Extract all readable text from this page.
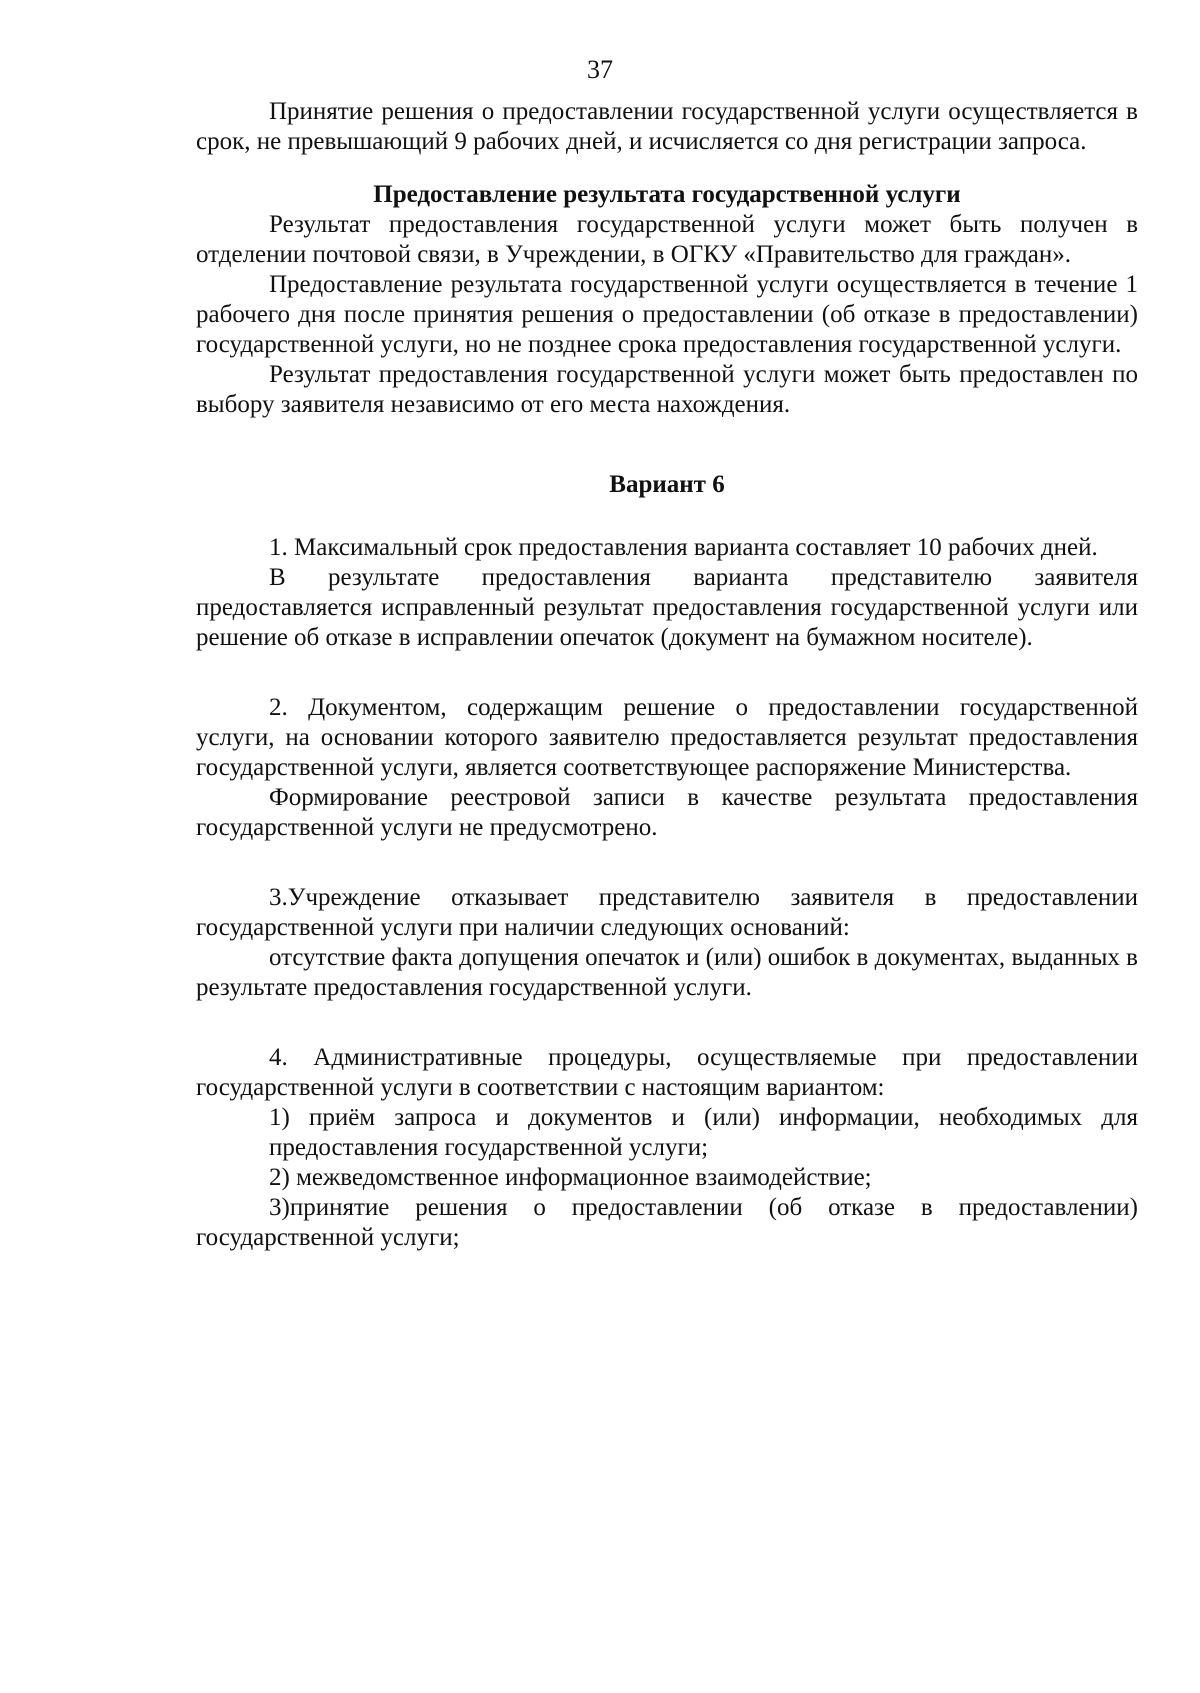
37

Принятие решения о предоставлении государственной услуги осуществляется в срок, не превышающий 9 рабочих дней, и исчисляется со дня регистрации запроса.

Предоставление результата государственной услуги

Результат предоставления государственной услуги может быть получен в отделении почтовой связи, в Учреждении, в ОГКУ «Правительство для граждан».

Предоставление результата государственной услуги осуществляется в течение 1 рабочего дня после принятия решения о предоставлении (об отказе в предоставлении) государственной услуги, но не позднее срока предоставления государственной услуги.

Результат предоставления государственной услуги может быть предоставлен по выбору заявителя независимо от его места нахождения.

Вариант 6

1. Максимальный срок предоставления варианта составляет 10 рабочих дней.

В результате предоставления варианта представителю заявителя предоставляется исправленный результат предоставления государственной услуги или решение об отказе в исправлении опечаток (документ на бумажном носителе).

2. Документом, содержащим решение о предоставлении государственной услуги, на основании которого заявителю предоставляется результат предоставления государственной услуги, является соответствующее распоряжение Министерства.

Формирование реестровой записи в качестве результата предоставления государственной услуги не предусмотрено.

3.Учреждение отказывает представителю заявителя в предоставлении государственной услуги при наличии следующих оснований:

отсутствие факта допущения опечаток и (или) ошибок в документах, выданных в результате предоставления государственной услуги.

4. Административные процедуры, осуществляемые при предоставлении государственной услуги в соответствии с настоящим вариантом:

1) приём запроса и документов и (или) информации, необходимых для предоставления государственной услуги;

2) межведомственное информационное взаимодействие;

3)принятие решения о предоставлении (об отказе в предоставлении) государственной услуги;
